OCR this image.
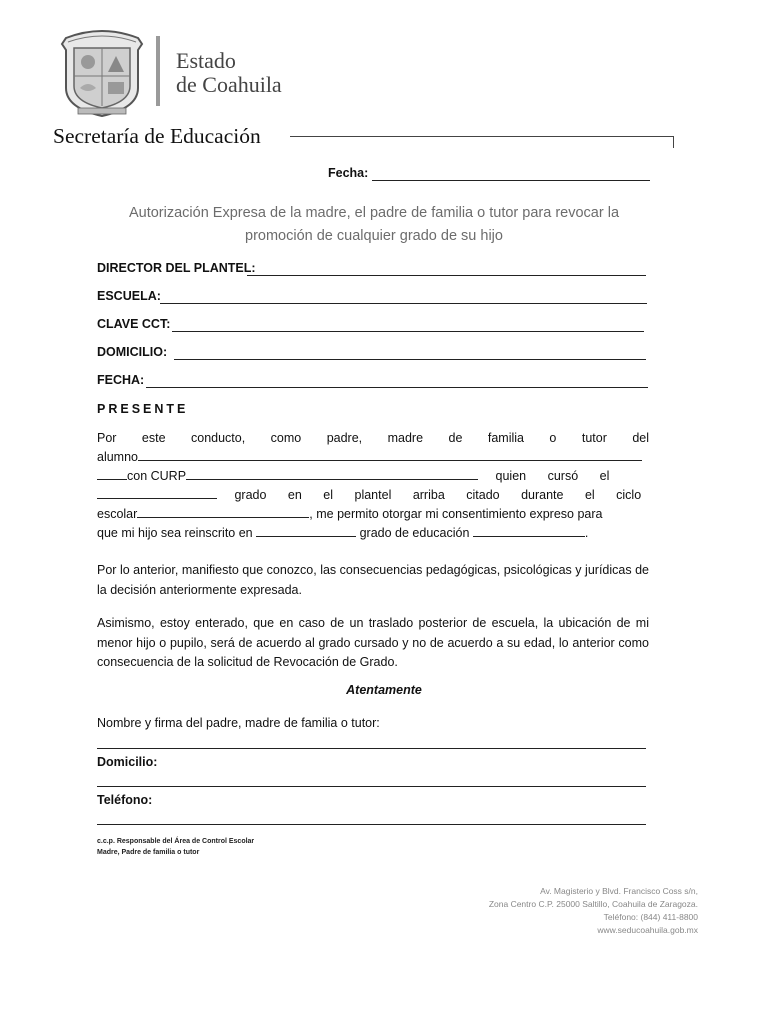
Estado
de Coahuila
Secretaría de Educación
Fecha:
Autorización Expresa de la madre, el padre de familia o tutor para revocar la promoción de cualquier grado de su hijo
DIRECTOR DEL PLANTEL:
ESCUELA:
CLAVE CCT:
DOMICILIO:
FECHA:
PRESENTE
Por este conducto, como padre, madre de familia o tutor del
alumno
con CURP	quien cursó el
grado en el plantel arriba citado durante el ciclo
escolar	, me permito otorgar mi consentimiento expreso para
que mi hijo sea reinscrito en	grado de educación	.
Por lo anterior, manifiesto que conozco, las consecuencias pedagógicas, psicológicas y jurídicas de la decisión anteriormente expresada.
Asimismo, estoy enterado, que en caso de un traslado posterior de escuela, la ubicación de mi menor hijo o pupilo, será de acuerdo al grado cursado y no de acuerdo a su edad, lo anterior como consecuencia de la solicitud de Revocación de Grado.
Atentamente
Nombre y firma del padre, madre de familia o tutor:
Domicilio:
Teléfono:
c.c.p. Responsable del Área de Control Escolar
Madre, Padre de familia o tutor
Av. Magisterio y Blvd. Francisco Coss s/n,
Zona Centro C.P. 25000 Saltillo, Coahuila de Zaragoza.
Teléfono: (844) 411-8800
www.seducoahuila.gob.mx
